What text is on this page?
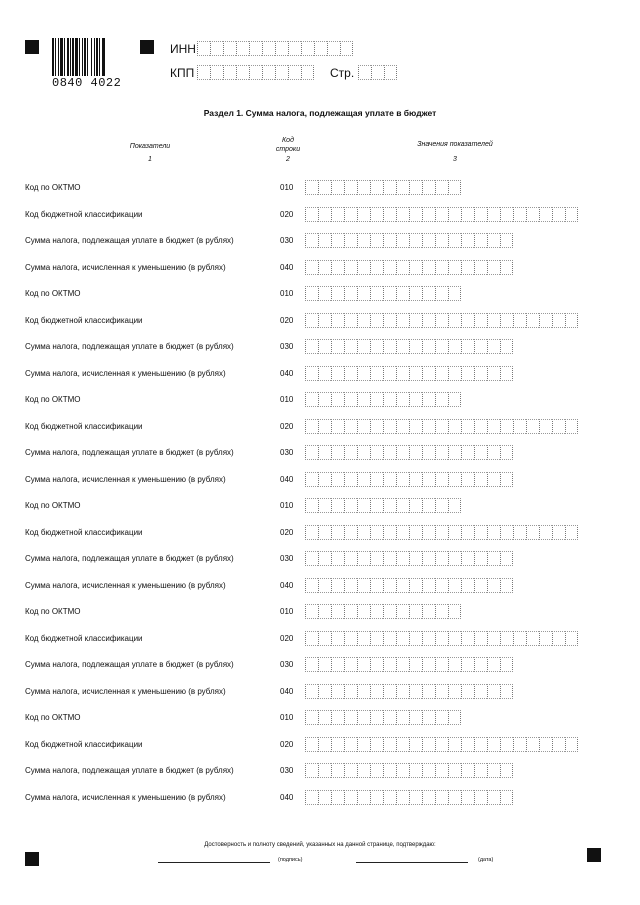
0840 4022
ИНН
КПП	Стр.
Раздел 1. Сумма налога, подлежащая уплате в бюджет
Показатели
1
Код
строки
2
Значения показателей
3
Код по ОКТМО	010
Код бюджетной классификации	020
Сумма налога, подлежащая уплате в бюджет (в рублях)	030
Сумма налога, исчисленная к уменьшению (в рублях)	040
Код по ОКТМО	010
Код бюджетной классификации	020
Сумма налога, подлежащая уплате в бюджет (в рублях)	030
Сумма налога, исчисленная к уменьшению (в рублях)	040
Код по ОКТМО	010
Код бюджетной классификации	020
Сумма налога, подлежащая уплате в бюджет (в рублях)	030
Сумма налога, исчисленная к уменьшению (в рублях)	040
Код по ОКТМО	010
Код бюджетной классификации	020
Сумма налога, подлежащая уплате в бюджет (в рублях)	030
Сумма налога, исчисленная к уменьшению (в рублях)	040
Код по ОКТМО	010
Код бюджетной классификации	020
Сумма налога, подлежащая уплате в бюджет (в рублях)	030
Сумма налога, исчисленная к уменьшению (в рублях)	040
Код по ОКТМО	010
Код бюджетной классификации	020
Сумма налога, подлежащая уплате в бюджет (в рублях)	030
Сумма налога, исчисленная к уменьшению (в рублях)	040
Достоверность и полноту сведений, указанных на данной странице, подтверждаю:
(подпись)	(дата)
